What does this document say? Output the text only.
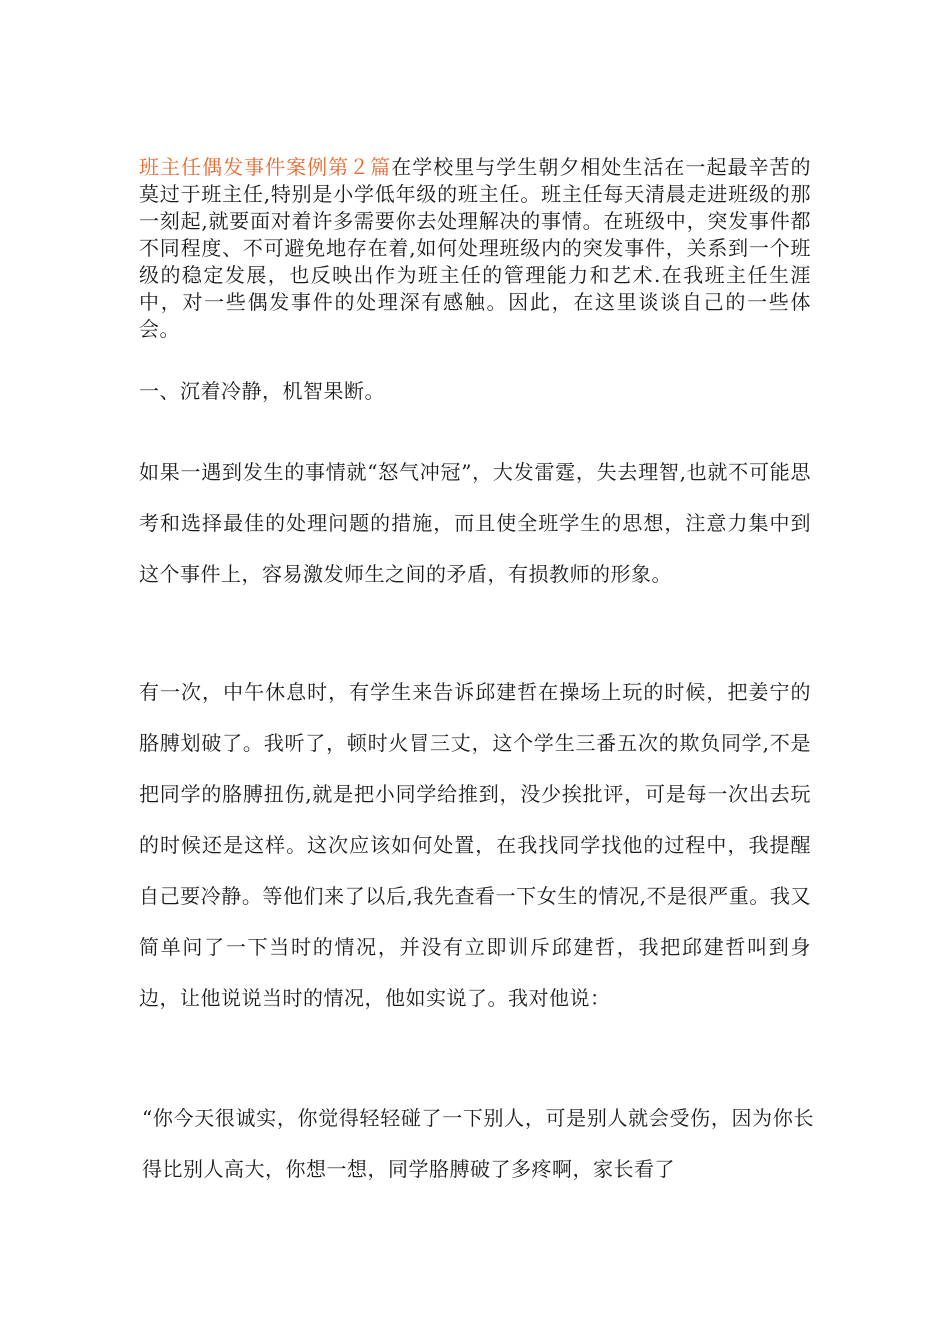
班主任偶发事件案例第２篇在学校里与学生朝夕相处生活在一起最辛苦的莫过于班主任,特别是小学低年级的班主任。班主任每天清晨走进班级的那一刻起,就要面对着许多需要你去处理解决的事情。在班级中，突发事件都不同程度、不可避免地存在着,如何处理班级内的突发事件，关系到一个班级的稳定发展，也反映出作为班主任的管理能力和艺术.在我班主任生涯中，对一些偶发事件的处理深有感触。因此，在这里谈谈自己的一些体会。

一、沉着冷静，机智果断。

如果一遇到发生的事情就“怒气冲冠”，大发雷霆，失去理智,也就不可能思考和选择最佳的处理问题的措施，而且使全班学生的思想，注意力集中到这个事件上，容易激发师生之间的矛盾，有损教师的形象。

有一次，中午休息时，有学生来告诉邱建哲在操场上玩的时候，把姜宁的胳膊划破了。我听了，顿时火冒三丈，这个学生三番五次的欺负同学,不是把同学的胳膊扭伤,就是把小同学给推到，没少挨批评，可是每一次出去玩的时候还是这样。这次应该如何处置，在我找同学找他的过程中，我提醒自己要冷静。等他们来了以后,我先查看一下女生的情况,不是很严重。我又简单问了一下当时的情况，并没有立即训斥邱建哲，我把邱建哲叫到身边，让他说说当时的情况，他如实说了。我对他说：

“你今天很诚实，你觉得轻轻碰了一下别人，可是别人就会受伤，因为你长得比别人高大，你想一想，同学胳膊破了多疼啊，家长看了
